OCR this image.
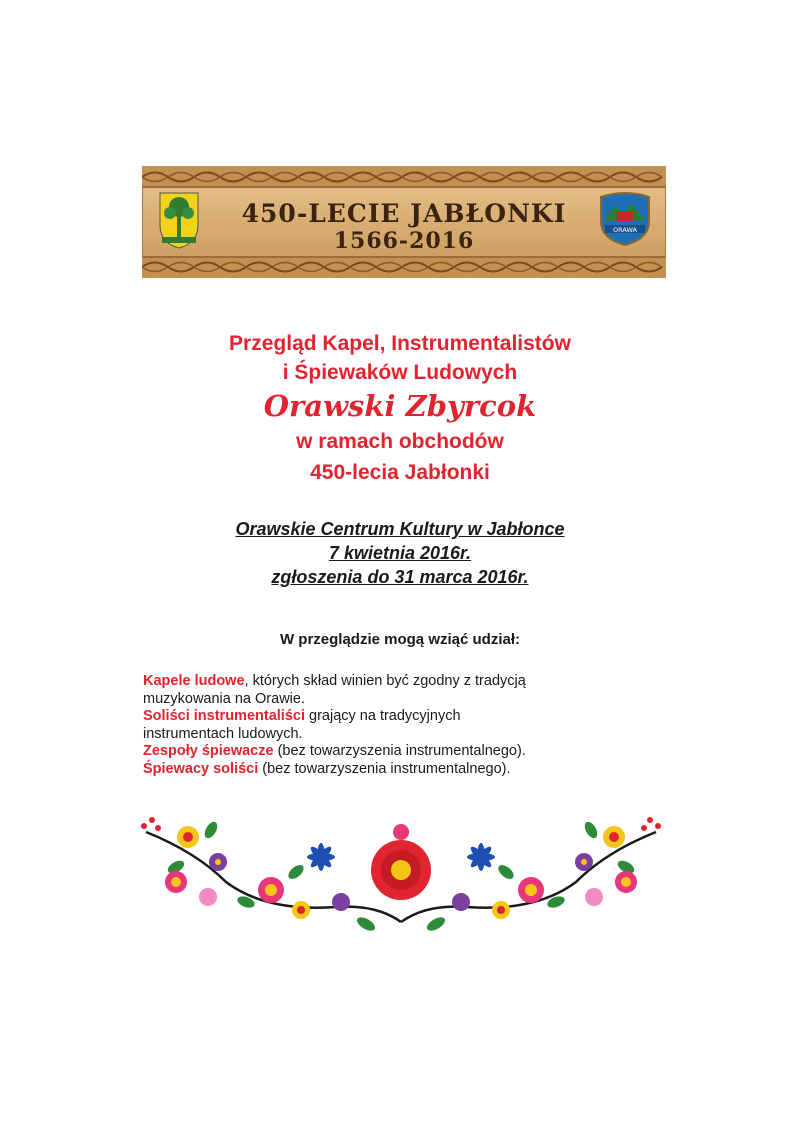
450-LECIE JABŁONKI
1566-2016	ORAWA
Przegląd Kapel, Instrumentalistów
i Śpiewaków Ludowych
Orawski Zbyrcok
w ramach obchodów
450-lecia Jabłonki
Orawskie Centrum Kultury w Jabłonce
7 kwietnia 2016r.
zgłoszenia do 31 marca 2016r.
W przeglądzie mogą wziąć udział:

Kapele ludowe, których skład winien być zgodny z tradycją

muzykowania na Orawie.

Soliści instrumentaliści grający na tradycyjnych

instrumentach ludowych.

Zespoły śpiewacze (bez towarzyszenia instrumentalnego).

Śpiewacy soliści (bez towarzyszenia instrumentalnego).
